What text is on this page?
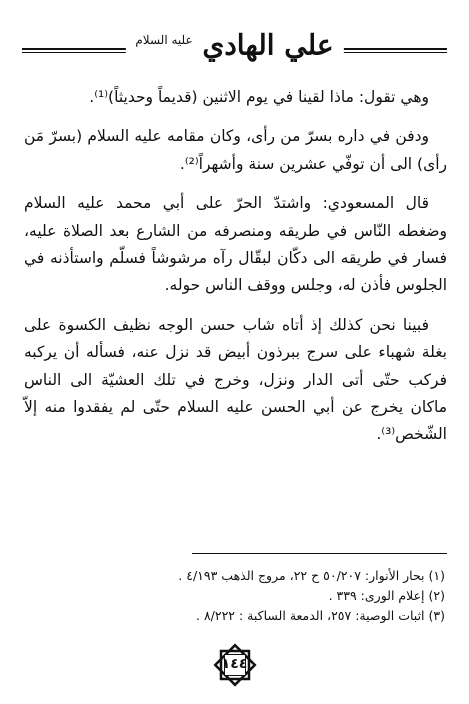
علي الهادي $^{عليه السلام}$

وهي تقول: ماذا لقينا في يوم الاثنين (قديماً وحديثاً)⁽¹⁾.

ودفن في داره بسرّ من رأى، وكان مقامه عليه السلام (بسرّ مَن رأى) الى أن توفّي عشرين سنة وأشهراً⁽²⁾.

قال المسعودي: واشتدّ الحرّ على أبي محمد عليه السلام وضغطه النّاس في طريقه ومنصرفه من الشارع بعد الصلاة عليه، فسار في طريقه الى دكّان لبقّال رآه مرشوشاً فسلّم واستأذنه في الجلوس فأذن له، وجلس ووقف الناس حوله.

فبينا نحن كذلك إذ أتاه شاب حسن الوجه نظيف الكسوة على بغلة شهباء على سرج ببرذون أبيض قد نزل عنه، فسأله أن يركبه فركب حتّى أتى الدار ونزل، وخرج في تلك العشيّة الى الناس ماكان يخرج عن أبي الحسن عليه السلام حتّى لم يفقدوا منه إلاّ الشّخص⁽³⁾.

(١) بحار الأنوار: ٥٠/٢٠٧ ح ٢٢، مروج الذهب ٤/١٩٣ .
(٢) إعلام الورى: ٣٣٩ .
(٣) اثبات الوصية: ٢٥٧، الدمعة الساكبة : ٨/٢٢٢ .
١٤٤
